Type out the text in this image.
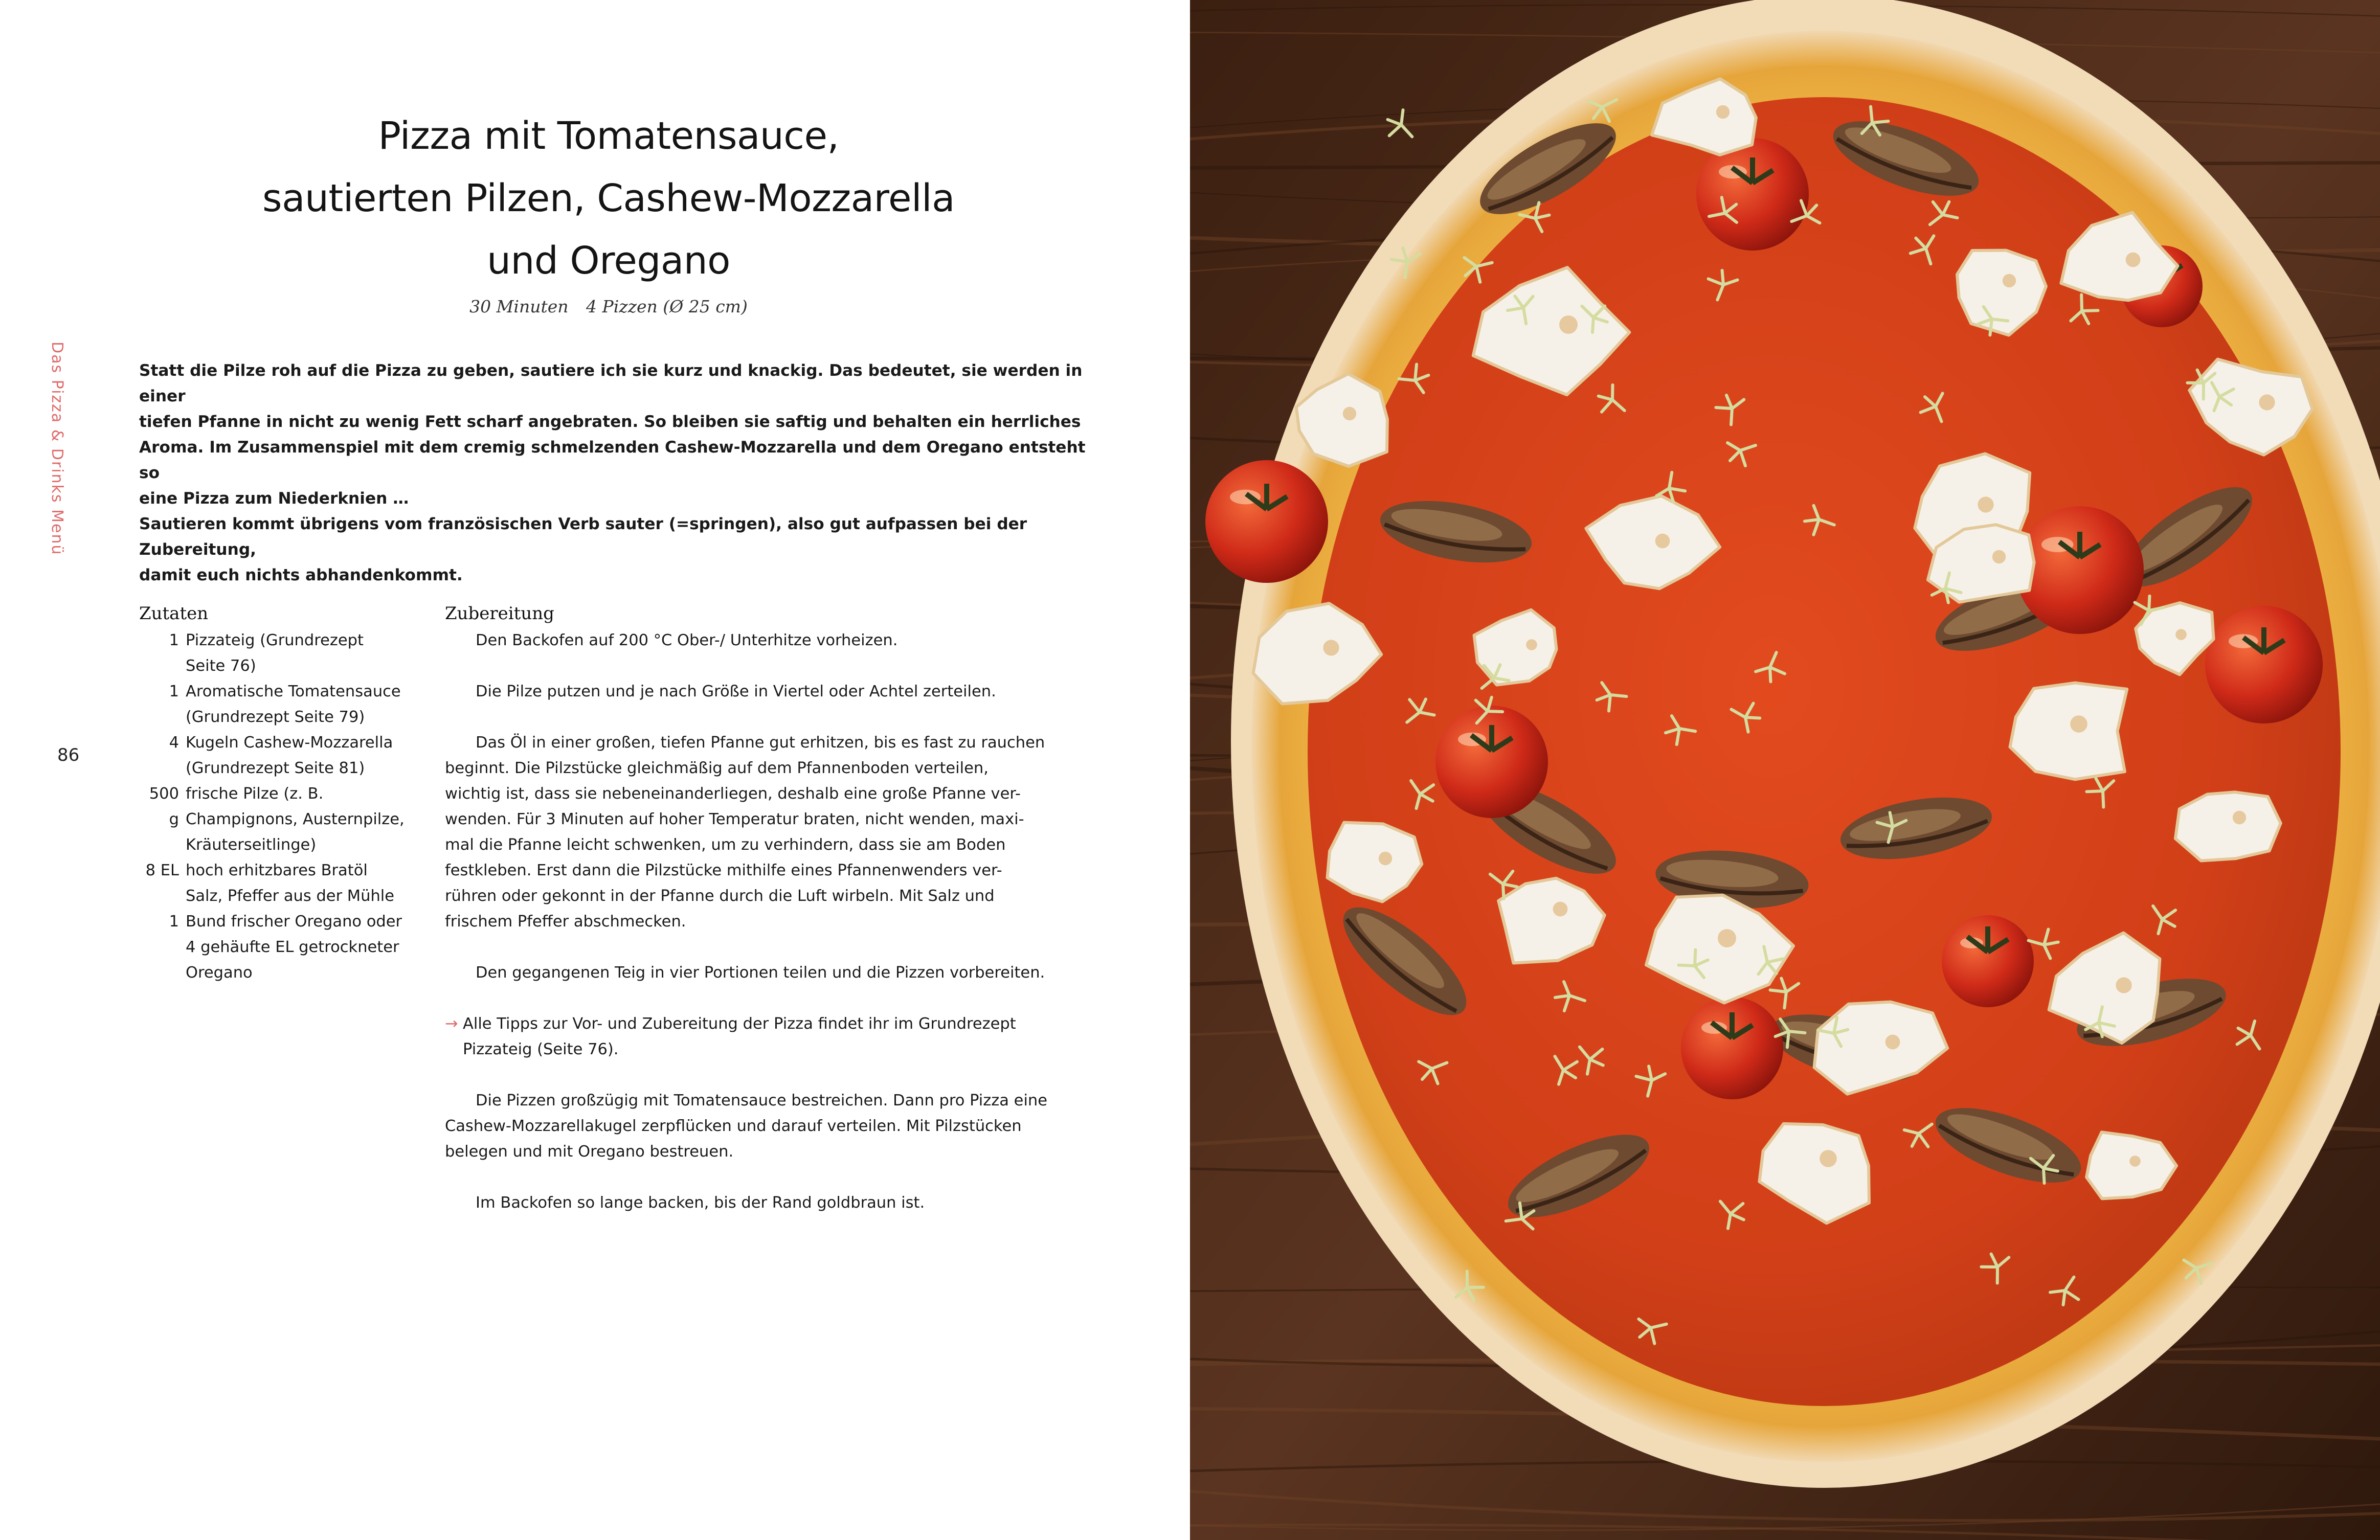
Pizza mit Tomatensauce,
sautierten Pilzen, Cashew-Mozzarella
und Oregano
30 Minuten 4 Pizzen (Ø 25 cm)
Das Pizza & Drinks Menü
86

Statt die Pilze roh auf die Pizza zu geben, sautiere ich sie kurz und knackig. Das bedeutet, sie werden in einer

tiefen Pfanne in nicht zu wenig Fett scharf angebraten. So bleiben sie saftig und behalten ein herrliches

Aroma. Im Zusammenspiel mit dem cremig schmelzenden Cashew-Mozzarella und dem Oregano entsteht so

eine Pizza zum Niederknien …

Sautieren kommt übrigens vom französischen Verb sauter (=springen), also gut aufpassen bei der Zubereitung,

damit euch nichts abhandenkommt.

Zutaten	Zubereitung
1 Pizzateig (Grundrezept
Seite 76)
1 Aromatische Tomatensauce
(Grundrezept Seite 79)
4 Kugeln Cashew-Mozzarella
(Grundrezept Seite 81)
500 g
frische Pilze (z. B.
Champignons, Austernpilze,
Kräuterseitlinge)
8 EL hoch erhitzbares Bratöl
Salz, Pfeffer aus der Mühle
1 Bund frischer Oregano oder
4 gehäufte EL getrockneter
Oregano

Den Backofen auf 200 °C Ober-/ Unterhitze vorheizen.

Die Pilze putzen und je nach Größe in Viertel oder Achtel zerteilen.

Das Öl in einer großen, tiefen Pfanne gut erhitzen, bis es fast zu rauchen
beginnt. Die Pilzstücke gleichmäßig auf dem Pfannenboden verteilen,
wichtig ist, dass sie nebeneinanderliegen, deshalb eine große Pfanne ver-
wenden. Für 3 Minuten auf hoher Temperatur braten, nicht wenden, maxi-
mal die Pfanne leicht schwenken, um zu verhindern, dass sie am Boden
festkleben. Erst dann die Pilzstücke mithilfe eines Pfannenwenders ver-
rühren oder gekonnt in der Pfanne durch die Luft wirbeln. Mit Salz und
frischem Pfeffer abschmecken.

Den gegangenen Teig in vier Portionen teilen und die Pizzen vorbereiten.

→ Alle Tipps zur Vor- und Zubereitung der Pizza findet ihr im Grundrezept
Pizzateig (Seite 76).

Die Pizzen großzügig mit Tomatensauce bestreichen. Dann pro Pizza eine
Cashew-Mozzarellakugel zerpflücken und darauf verteilen. Mit Pilzstücken
belegen und mit Oregano bestreuen.

Im Backofen so lange backen, bis der Rand goldbraun ist.
